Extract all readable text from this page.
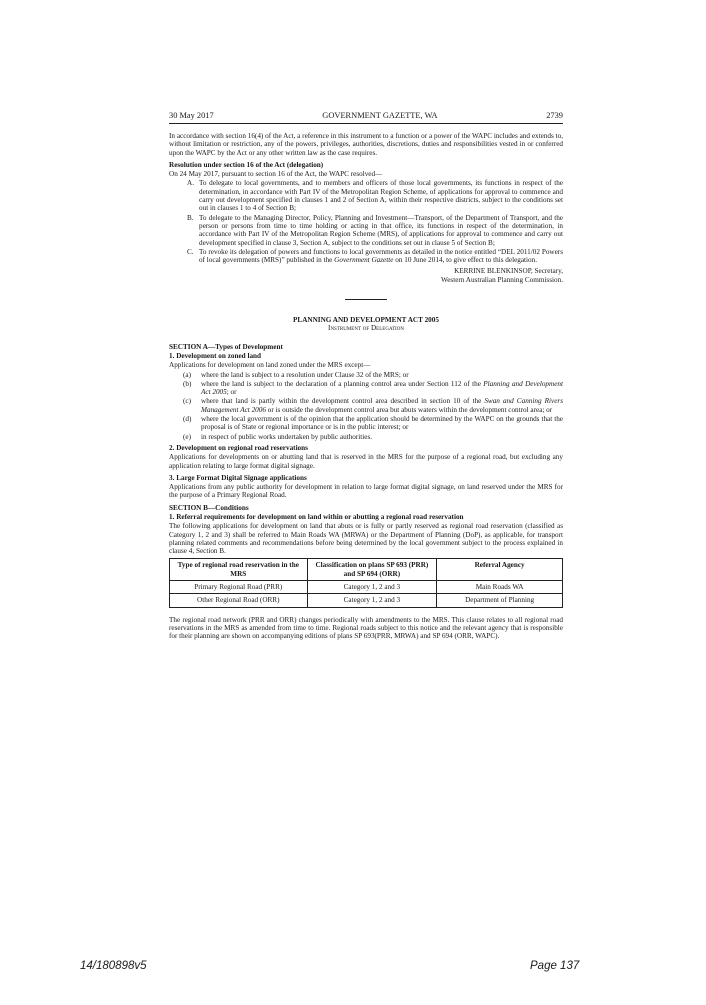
30 May 2017	GOVERNMENT GAZETTE, WA	2739

In accordance with section 16(4) of the Act, a reference in this instrument to a function or a power of the WAPC includes and extends to, without limitation or restriction, any of the powers, privileges, authorities, discretions, duties and responsibilities vested in or conferred upon the WAPC by the Act or any other written law as the case requires.

Resolution under section 16 of the Act (delegation)

On 24 May 2017, pursuant to section 16 of the Act, the WAPC resolved—

A. To delegate to local governments, and to members and officers of those local governments, its functions in respect of the determination, in accordance with Part IV of the Metropolitan Region Scheme, of applications for approval to commence and carry out development specified in clauses 1 and 2 of Section A, within their respective districts, subject to the conditions set out in clauses 1 to 4 of Section B;
B. To delegate to the Managing Director, Policy, Planning and Investment—Transport, of the Department of Transport, and the person or persons from time to time holding or acting in that office, its functions in respect of the determination, in accordance with Part IV of the Metropolitan Region Scheme (MRS), of applications for approval to commence and carry out development specified in clause 3, Section A, subject to the conditions set out in clause 5 of Section B;
C. To revoke its delegation of powers and functions to local governments as detailed in the notice entitled “DEL 2011/02 Powers of local governments (MRS)” published in the Government Gazette on 10 June 2014, to give effect to this delegation.

KERRINE BLENKINSOP, Secretary,

Western Australian Planning Commission.

PLANNING AND DEVELOPMENT ACT 2005

Instrument of Delegation

SECTION A—Types of Development
1. Development on zoned land

Applications for development on land zoned under the MRS except—

(a)	where the land is subject to a resolution under Clause 32 of the MRS; or
(b)	where the land is subject to the declaration of a planning control area under Section 112 of the Planning and Development Act 2005; or
(c)	where that land is partly within the development control area described in section 10 of the Swan and Canning Rivers Management Act 2006 or is outside the development control area but abuts waters within the development control area; or
(d)	where the local government is of the opinion that the application should be determined by the WAPC on the grounds that the proposal is of State or regional importance or is in the public interest; or
(e)	in respect of public works undertaken by public authorities.
2. Development on regional road reservations

Applications for developments on or abutting land that is reserved in the MRS for the purpose of a regional road, but excluding any application relating to large format digital signage.

3. Large Format Digital Signage applications

Applications from any public authority for development in relation to large format digital signage, on land reserved under the MRS for the purpose of a Primary Regional Road.

SECTION B—Conditions
1. Referral requirements for development on land within or abutting a regional road reservation

The following applications for development on land that abuts or is fully or partly reserved as regional road reservation (classified as Category 1, 2 and 3) shall be referred to Main Roads WA (MRWA) or the Department of Planning (DoP), as applicable, for transport planning related comments and recommendations before being determined by the local government subject to the process explained in clause 4, Section B.

Type of regional road reservation in the MRS	Classification on plans SP 693 (PRR) and SP 694 (ORR)	Referral Agency
Primary Regional Road (PRR)	Category 1, 2 and 3	Main Roads WA
Other Regional Road (ORR)	Category 1, 2 and 3	Department of Planning

The regional road network (PRR and ORR) changes periodically with amendments to the MRS. This clause relates to all regional road reservations in the MRS as amended from time to time. Regional roads subject to this notice and the relevant agency that is responsible for their planning are shown on accompanying editions of plans SP 693(PRR, MRWA) and SP 694 (ORR, WAPC).

14/180898v5	Page 137
